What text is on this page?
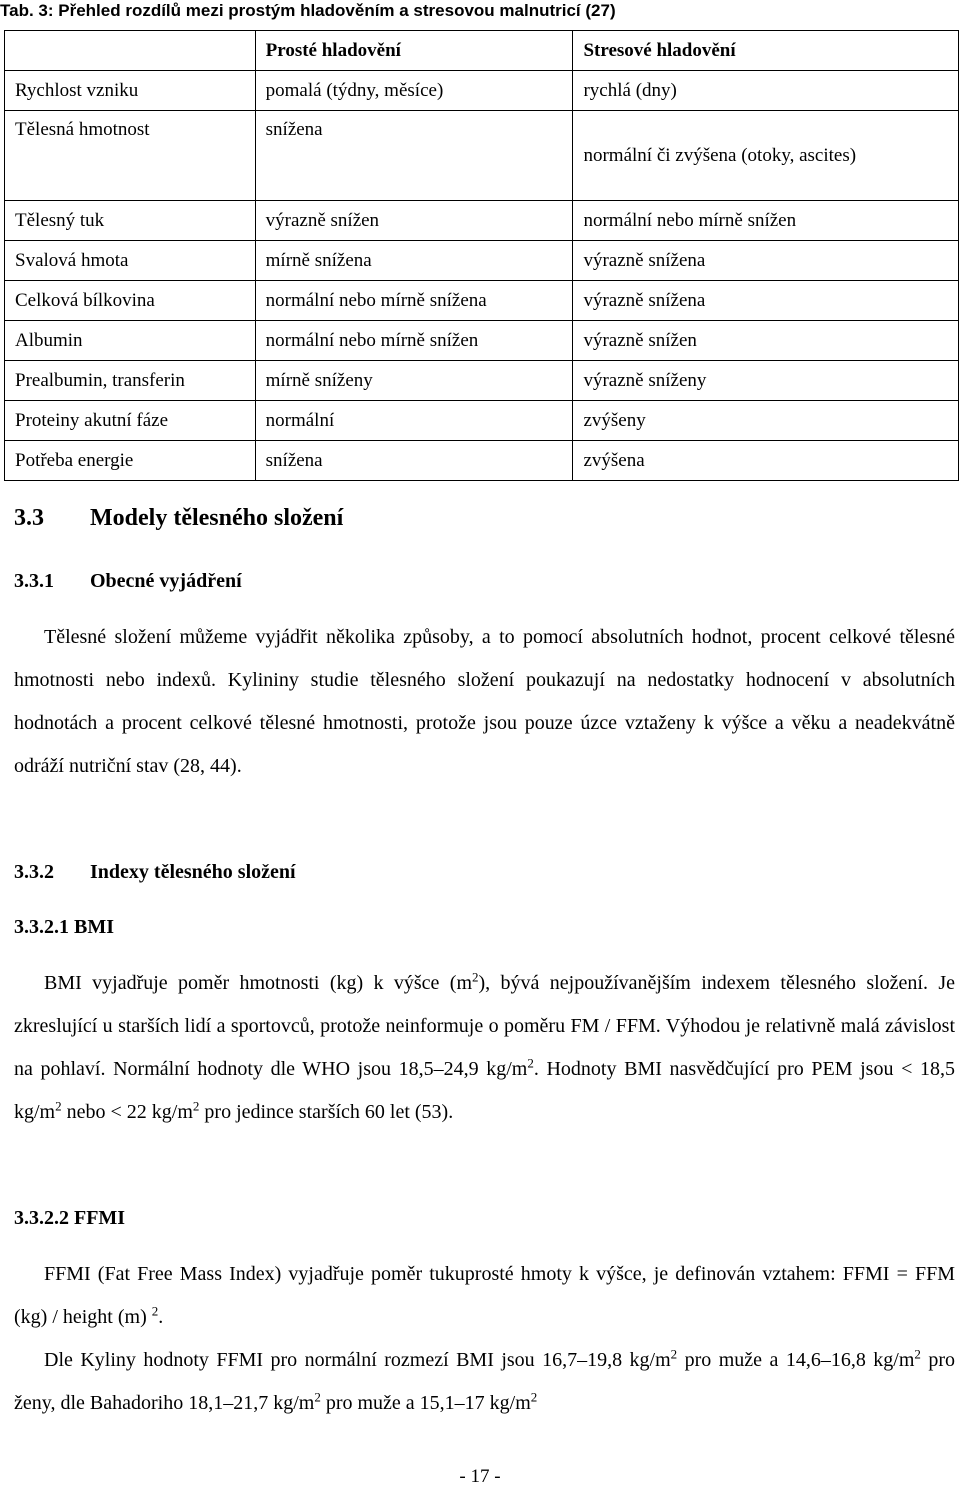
Tab. 3: Přehled rozdílů mezi prostým hladověním a stresovou malnutricí (27)
	Prosté hladovění	Stresové hladovění
Rychlost vzniku	pomalá (týdny, měsíce)	rychlá (dny)
Tělesná hmotnost	snížena	normální či zvýšena (otoky, ascites)
Tělesný tuk	výrazně snížen	normální nebo mírně snížen
Svalová hmota	mírně snížena	výrazně snížena
Celková bílkovina	normální nebo mírně snížena	výrazně snížena
Albumin	normální nebo mírně snížen	výrazně snížen
Prealbumin, transferin	mírně sníženy	výrazně sníženy
Proteiny akutní fáze	normální	zvýšeny
Potřeba energie	snížena	zvýšena
3.3 Modely tělesného složení
3.3.1 Obecné vyjádření

Tělesné složení můžeme vyjádřit několika způsoby, a to pomocí absolutních hodnot, procent celkové tělesné hmotnosti nebo indexů. Kylininy studie tělesného složení poukazují na nedostatky hodnocení v absolutních hodnotách a procent celkové tělesné hmotnosti, protože jsou pouze úzce vztaženy k výšce a věku a neadekvátně odráží nutriční stav (28, 44).

3.3.2 Indexy tělesného složení
3.3.2.1 BMI

BMI vyjadřuje poměr hmotnosti (kg) k výšce $(m^2)$, bývá nejpoužívanějším indexem tělesného složení. Je zkreslující u starších lidí a sportovců, protože neinformuje o poměru FM / FFM. Výhodou je relativně malá závislost na pohlaví. Normální hodnoty dle WHO jsou 18,5–24,9 $kg/m^2$. Hodnoty BMI nasvědčující pro PEM jsou < 18,5 $kg/m^2$ nebo < 22 $kg/m^2$ pro jedince starších 60 let (53).

3.3.2.2 FFMI

FFMI (Fat Free Mass Index) vyjadřuje poměr tukuprosté hmoty k výšce, je definován vztahem: FFMI = FFM (kg) / height (m) $^2$.

Dle Kyliny hodnoty FFMI pro normální rozmezí BMI jsou 16,7–19,8 $kg/m^2$ pro muže a 14,6–16,8 $kg/m^2$ pro ženy, dle Bahadoriho 18,1–21,7 $kg/m^2$ pro muže a 15,1–17 $kg/m^2$

- 17 -
